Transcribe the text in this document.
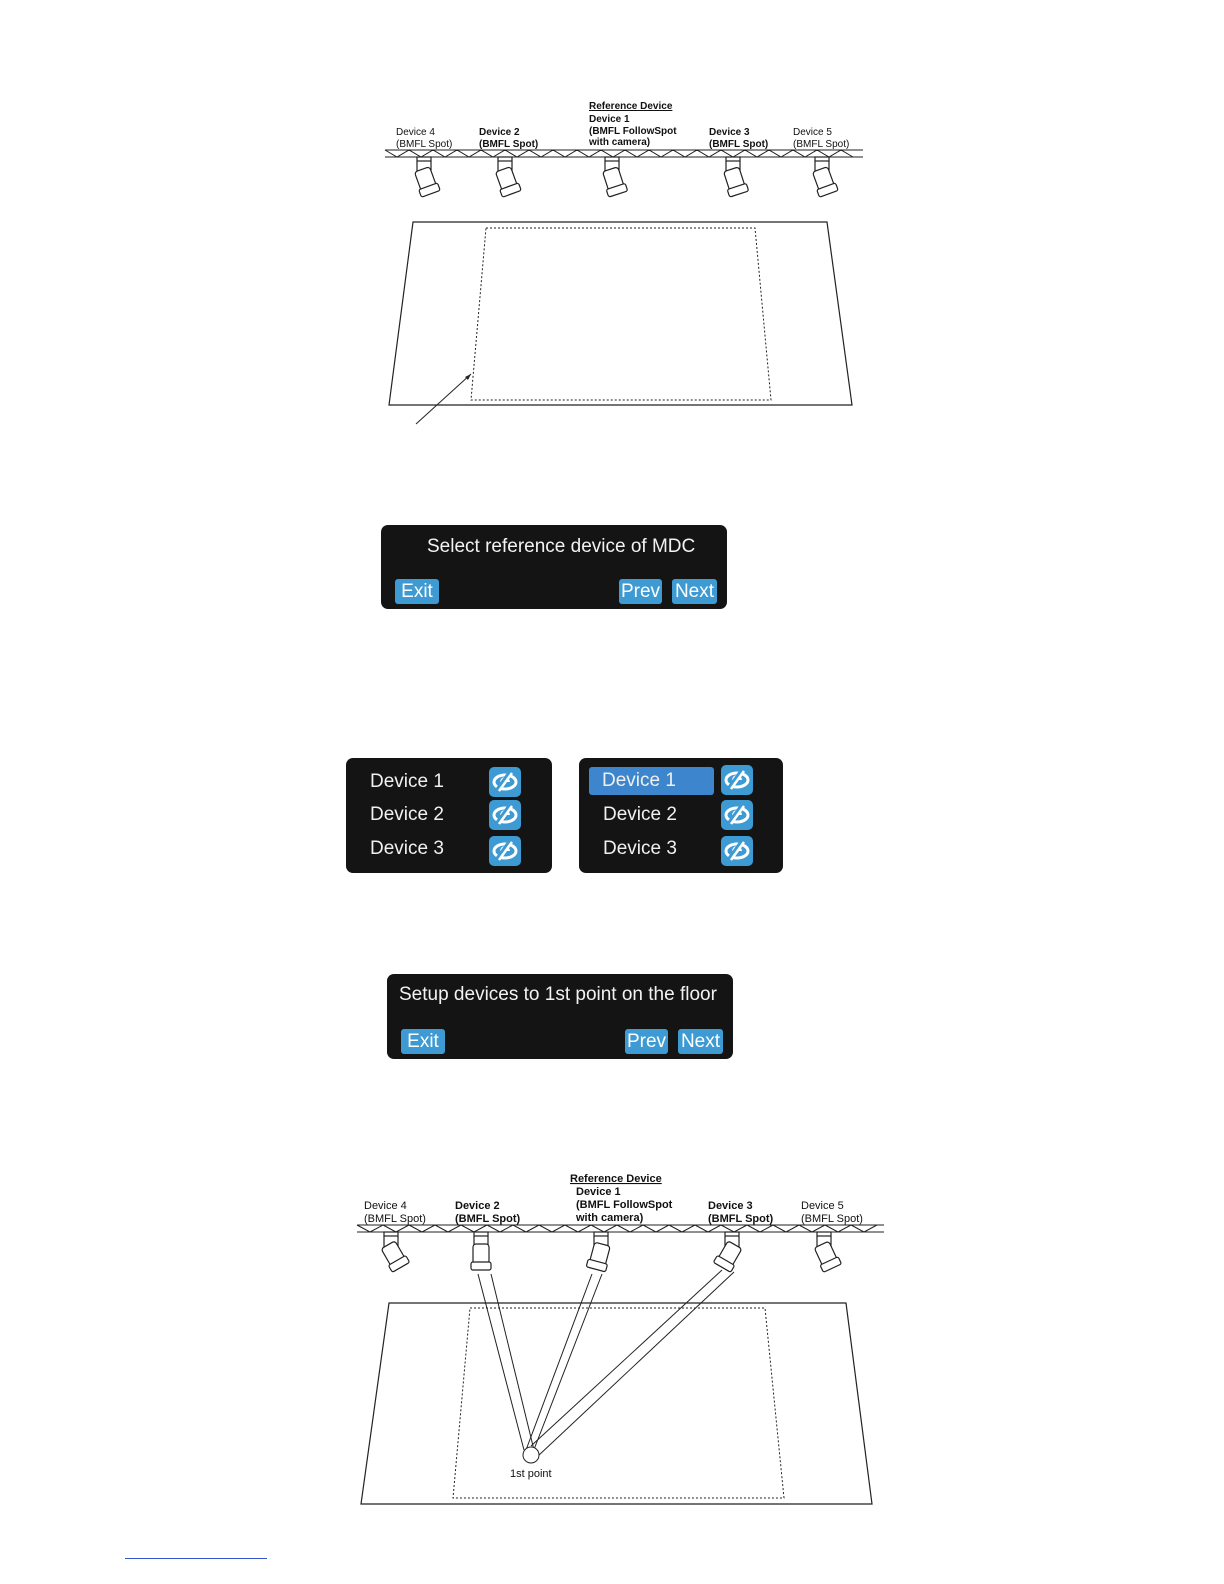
Reference Device
Device 1
(BMFL FollowSpot
with camera)
Device 4
(BMFL Spot)
Device 2
(BMFL Spot)
Device 3
(BMFL Spot)
Device 5
(BMFL Spot)
Select reference device of MDC
Exit	Prev Next
Device 1
Device 2
Device 3
Device 1
Device 2
Device 3
Setup devices to 1st point on the floor
Exit	Prev Next
Reference Device
Device 1
(BMFL FollowSpot
with camera)
Device 4
(BMFL Spot)
Device 2
(BMFL Spot)
Device 3
(BMFL Spot)
Device 5
(BMFL Spot)
1st point
